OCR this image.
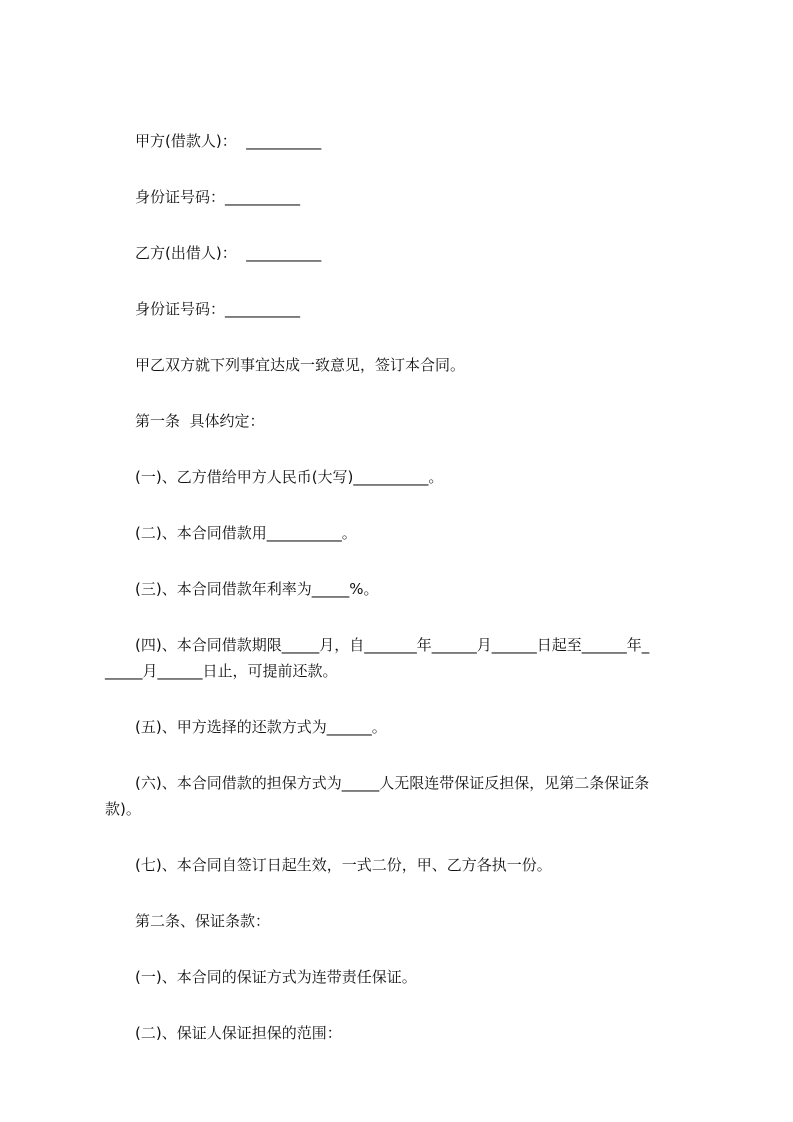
甲方(借款人)：  __________

身份证号码：__________

乙方(出借人)：  __________

身份证号码：__________

甲乙双方就下列事宜达成一致意见，签订本合同。

第一条  具体约定：

(一)、乙方借给甲方人民币(大写)__________。

(二)、本合同借款用__________。

(三)、本合同借款年利率为_____%。

(四)、本合同借款期限_____月，自_______年______月______日起至______年_
_____月______日止，可提前还款。

(五)、甲方选择的还款方式为______。

(六)、本合同借款的担保方式为_____人无限连带保证反担保，见第二条保证条
款)。

(七)、本合同自签订日起生效，一式二份，甲、乙方各执一份。

第二条、保证条款：

(一)、本合同的保证方式为连带责任保证。

(二)、保证人保证担保的范围：
